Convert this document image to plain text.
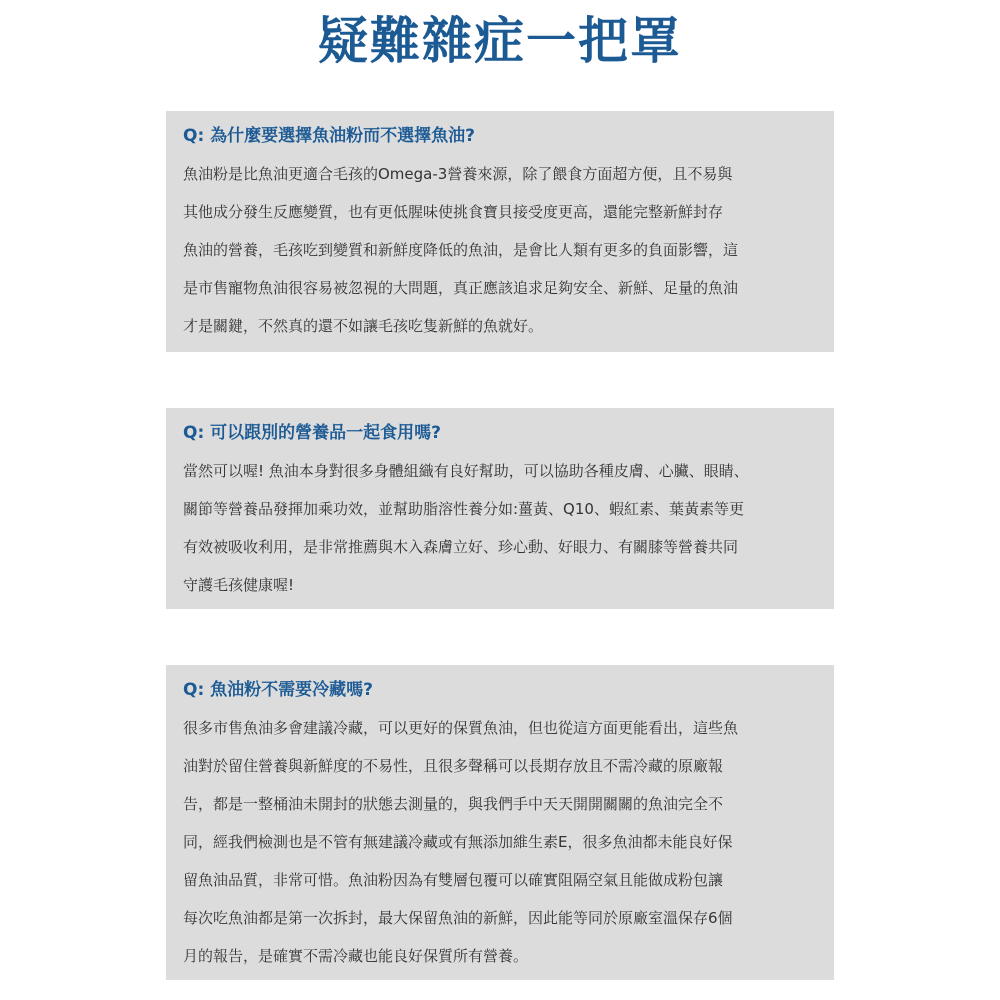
疑難雜症一把罩
Q: 為什麼要選擇魚油粉而不選擇魚油?

魚油粉是比魚油更適合毛孩的Omega-3營養來源，除了餵食方面超方便，且不易與
其他成分發生反應變質，也有更低腥味使挑食寶貝接受度更高，還能完整新鮮封存
魚油的營養，毛孩吃到變質和新鮮度降低的魚油，是會比人類有更多的負面影響，這
是市售寵物魚油很容易被忽視的大問題，真正應該追求足夠安全、新鮮、足量的魚油
才是關鍵，不然真的還不如讓毛孩吃隻新鮮的魚就好。

Q: 可以跟別的營養品一起食用嗎?

當然可以喔! 魚油本身對很多身體組織有良好幫助，可以協助各種皮膚、心臟、眼睛、
關節等營養品發揮加乘功效，並幫助脂溶性養分如:薑黃、Q10、蝦紅素、葉黃素等更
有效被吸收利用，是非常推薦與木入森膚立好、珍心動、好眼力、有關膝等營養共同
守護毛孩健康喔!

Q: 魚油粉不需要冷藏嗎?

很多市售魚油多會建議冷藏，可以更好的保質魚油，但也從這方面更能看出，這些魚
油對於留住營養與新鮮度的不易性，且很多聲稱可以長期存放且不需冷藏的原廠報
告，都是一整桶油未開封的狀態去測量的，與我們手中天天開開關關的魚油完全不
同，經我們檢測也是不管有無建議冷藏或有無添加維生素E，很多魚油都未能良好保
留魚油品質，非常可惜。魚油粉因為有雙層包覆可以確實阻隔空氣且能做成粉包讓
每次吃魚油都是第一次拆封，最大保留魚油的新鮮，因此能等同於原廠室溫保存6個
月的報告，是確實不需冷藏也能良好保質所有營養。
